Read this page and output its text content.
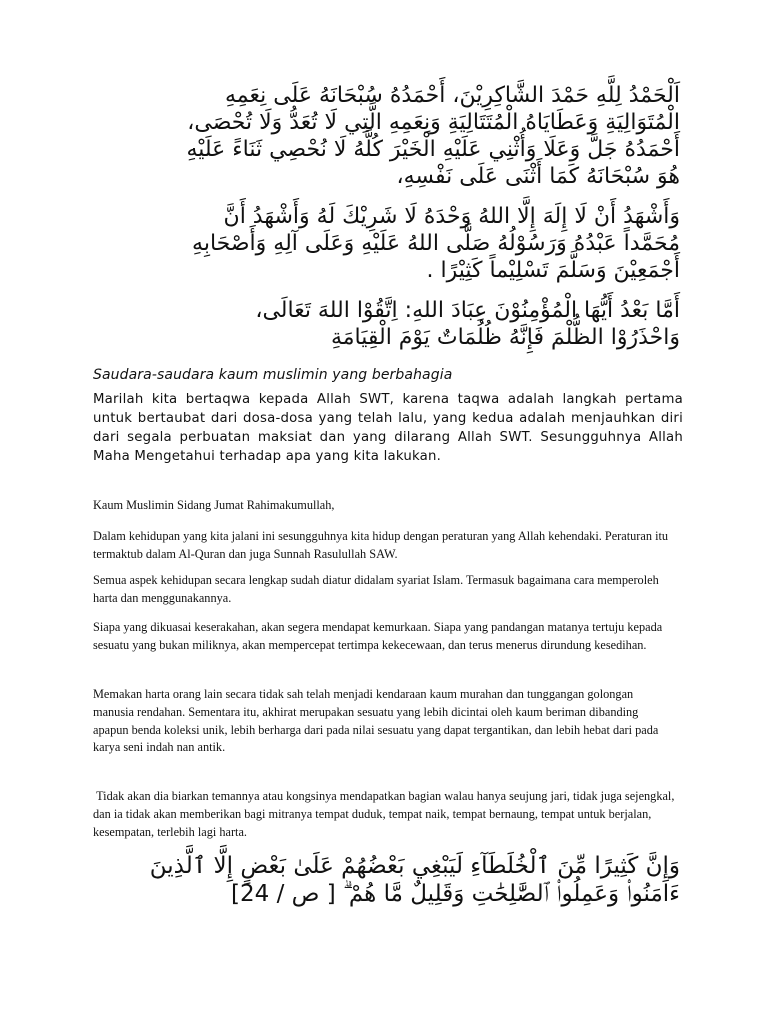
اَلْحَمْدُ لِلَّهِ حَمْدَ الشَّاكِرِيْنَ، أَحْمَدُهُ سُبْحَانَهُ عَلَى نِعَمِهِ

الْمُتَوَالِيَةِ وَعَطَايَاهُ الْمُتَتَالِيَةِ وَنِعَمِهِ الَّتِي لَا تُعَدُّ وَلَا تُحْصَى،

أَحْمَدُهُ جَلَّ وَعَلَا وَأُثْنِي عَلَيْهِ الْخَيْرَ كُلَّهُ لَا نُحْصِي ثَنَاءً عَلَيْهِ

هُوَ سُبْحَانَهُ كَمَا أَثْنَى عَلَى نَفْسِهِ،

وَأَشْهَدُ أَنْ لَا إِلَهَ إِلَّا اللهُ وَحْدَهُ لَا شَرِيْكَ لَهُ وَأَشْهَدُ أَنَّ

مُحَمَّداً عَبْدُهُ وَرَسُوْلُهُ صَلَّى اللهُ عَلَيْهِ وَعَلَى آلِهِ وَأَصْحَابِهِ

أَجْمَعِيْنَ وَسَلَّمَ تَسْلِيْماً كَثِيْرًا .

أَمَّا بَعْدُ أَيُّهَا الْمُؤْمِنُوْنَ عِبَادَ اللهِ: اِتَّقُوْا اللهَ تَعَالَى،

وَاحْذَرُوْا الظُّلْمَ فَإِنَّهُ ظُلُمَاتٌ يَوْمَ الْقِيَامَةِ

Saudara-saudara kaum muslimin yang berbahagia

Marilah kita bertaqwa kepada Allah SWT, karena taqwa adalah langkah pertama untuk bertaubat dari dosa-dosa yang telah lalu, yang kedua adalah menjauhkan diri dari segala perbuatan maksiat dan yang dilarang Allah SWT. Sesungguhnya Allah Maha Mengetahui terhadap apa yang kita lakukan.

Kaum Muslimin Sidang Jumat Rahimakumullah,

Dalam kehidupan yang kita jalani ini sesungguhnya kita hidup dengan peraturan yang Allah kehendaki. Peraturan itu termaktub dalam Al-Quran dan juga Sunnah Rasulullah SAW.

Semua aspek kehidupan secara lengkap sudah diatur didalam syariat Islam. Termasuk bagaimana cara memperoleh harta dan menggunakannya.

Siapa yang dikuasai keserakahan, akan segera mendapat kemurkaan. Siapa yang pandangan matanya tertuju kepada sesuatu yang bukan miliknya, akan mempercepat tertimpa kekecewaan, dan terus menerus dirundung kesedihan.

Memakan harta orang lain secara tidak sah telah menjadi kendaraan kaum murahan dan tunggangan golongan manusia rendahan. Sementara itu, akhirat merupakan sesuatu yang lebih dicintai oleh kaum beriman dibanding apapun benda koleksi unik, lebih berharga dari pada nilai sesuatu yang dapat tergantikan, dan lebih hebat dari pada karya seni indah nan antik.

Tidak akan dia biarkan temannya atau kongsinya mendapatkan bagian walau hanya seujung jari, tidak juga sejengkal, dan ia tidak akan memberikan bagi mitranya tempat duduk, tempat naik, tempat bernaung, tempat untuk berjalan, kesempatan, terlebih lagi harta.

وَإِنَّ كَثِيرًا مِّنَ ٱلْخُلَطَآءِ لَيَبْغِي بَعْضُهُمْ عَلَىٰ بَعْضٍ إِلَّا ٱلَّذِينَ

ءَامَنُوا۟ وَعَمِلُوا۟ ٱلصَّٰلِحَٰتِ وَقَلِيلٌ مَّا هُمْ ۗ [ ص / 24]
